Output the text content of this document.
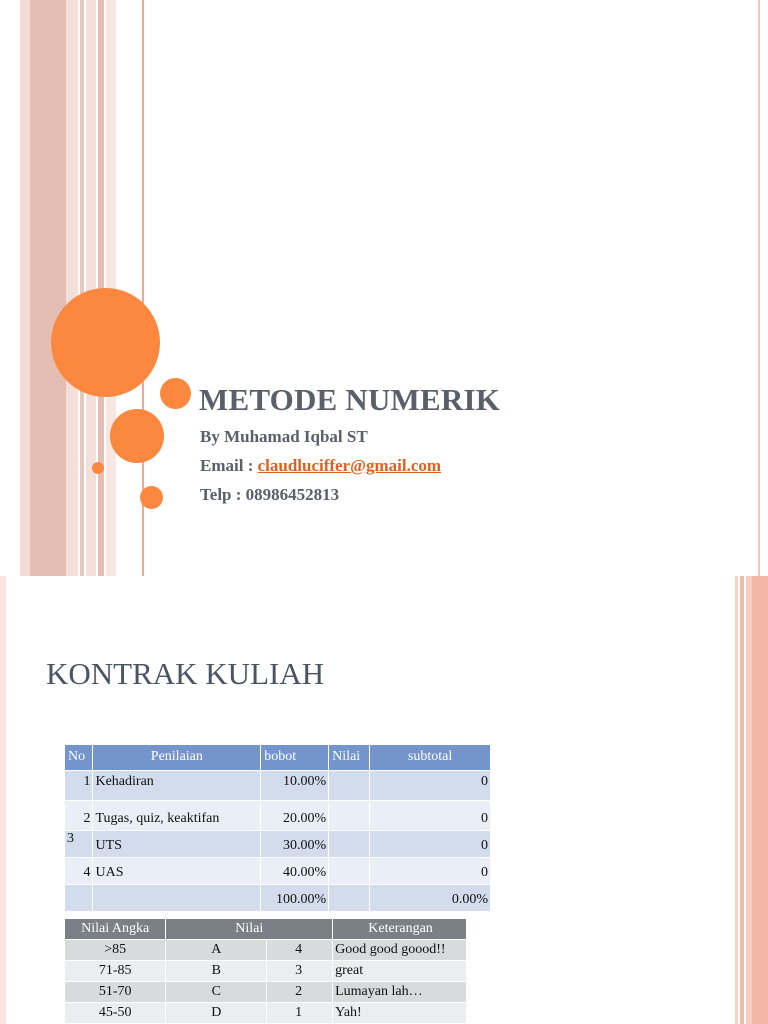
METODE NUMERIK
By Muhamad Iqbal ST
Email : claudluciffer@gmail.com
Telp : 08986452813
KONTRAK KULIAH
No	Penilaian	bobot	Nilai	subtotal
1	Kehadiran	10.00%		0
2	Tugas, quiz, keaktifan	20.00%		0
3	UTS	30.00%		0
4	UAS	40.00%		0
		100.00%		0.00%
Nilai Angka	Nilai		Keterangan
>85	A	4	Good good goood!!
71-85	B	3	great
51-70	C	2	Lumayan lah…
45-50	D	1	Yah!
